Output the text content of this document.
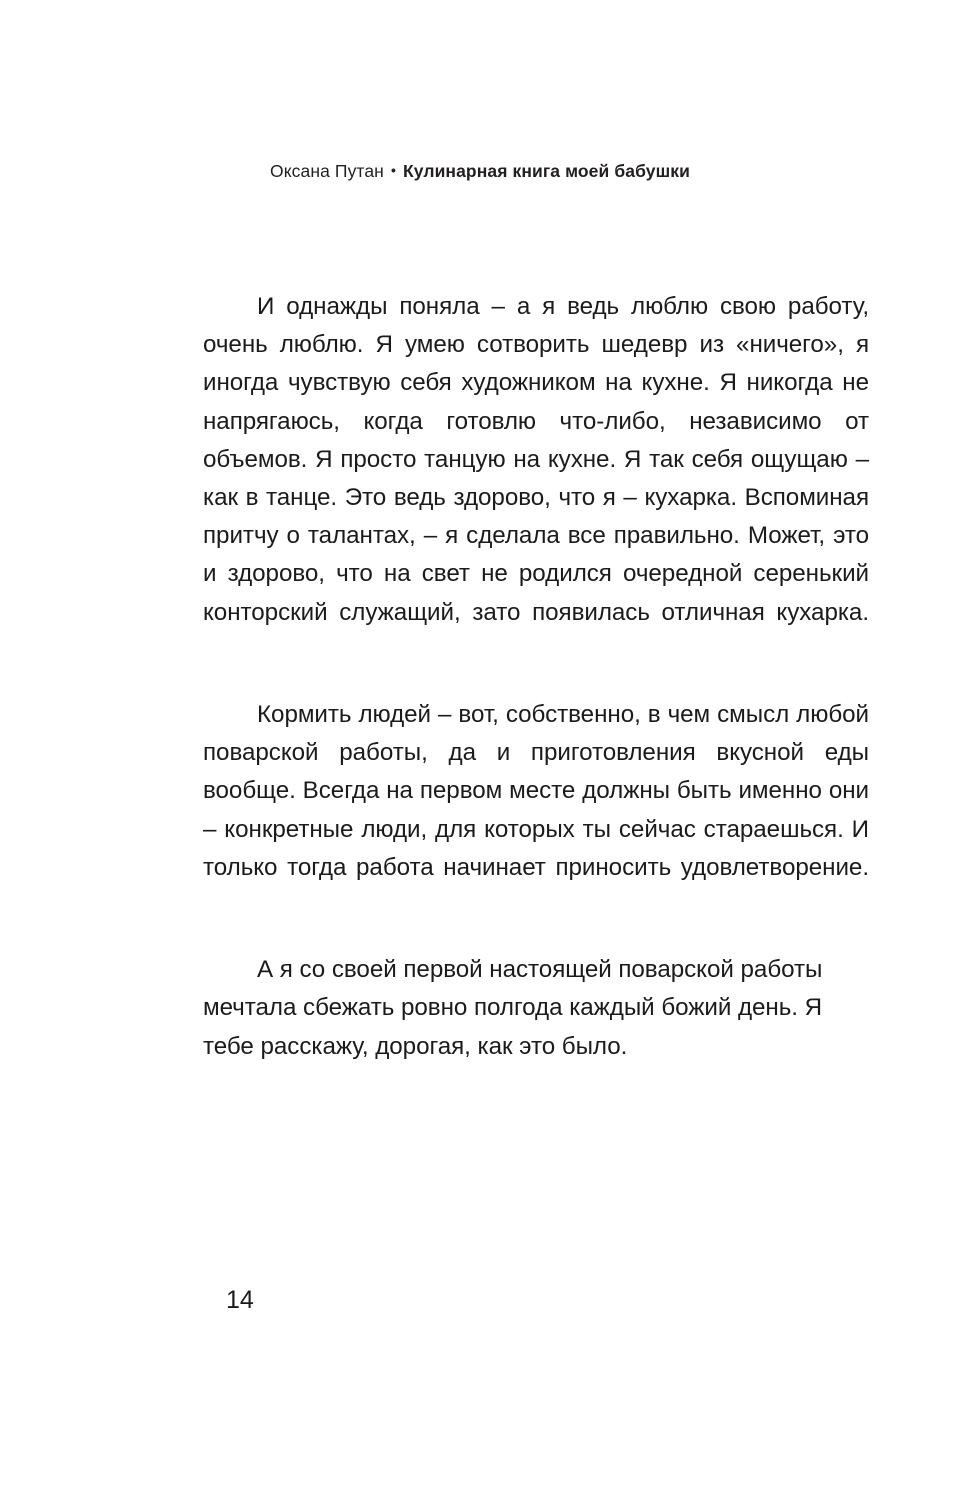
Оксана Путан • Кулинарная книга моей бабушки

И однажды поняла – а я ведь люблю свою работу, очень люблю. Я умею сотворить шедевр из «ничего», я иногда чувствую себя художником на кухне. Я никогда не напрягаюсь, когда готовлю что-либо, независимо от объемов. Я просто танцую на кухне. Я так себя ощущаю – как в танце. Это ведь здорово, что я – кухарка. Вспоминая притчу о талантах, – я сделала все правильно. Может, это и здорово, что на свет не родился очередной серенький конторский служащий, зато появилась отличная кухарка.

Кормить людей – вот, собственно, в чем смысл любой поварской работы, да и приготовления вкусной еды вообще. Всегда на первом месте должны быть именно они – конкретные люди, для которых ты сейчас стараешься. И только тогда работа начинает приносить удовлетворение.

А я со своей первой настоящей поварской работы мечтала сбежать ровно полгода каждый божий день. Я тебе расскажу, дорогая, как это было.

14
